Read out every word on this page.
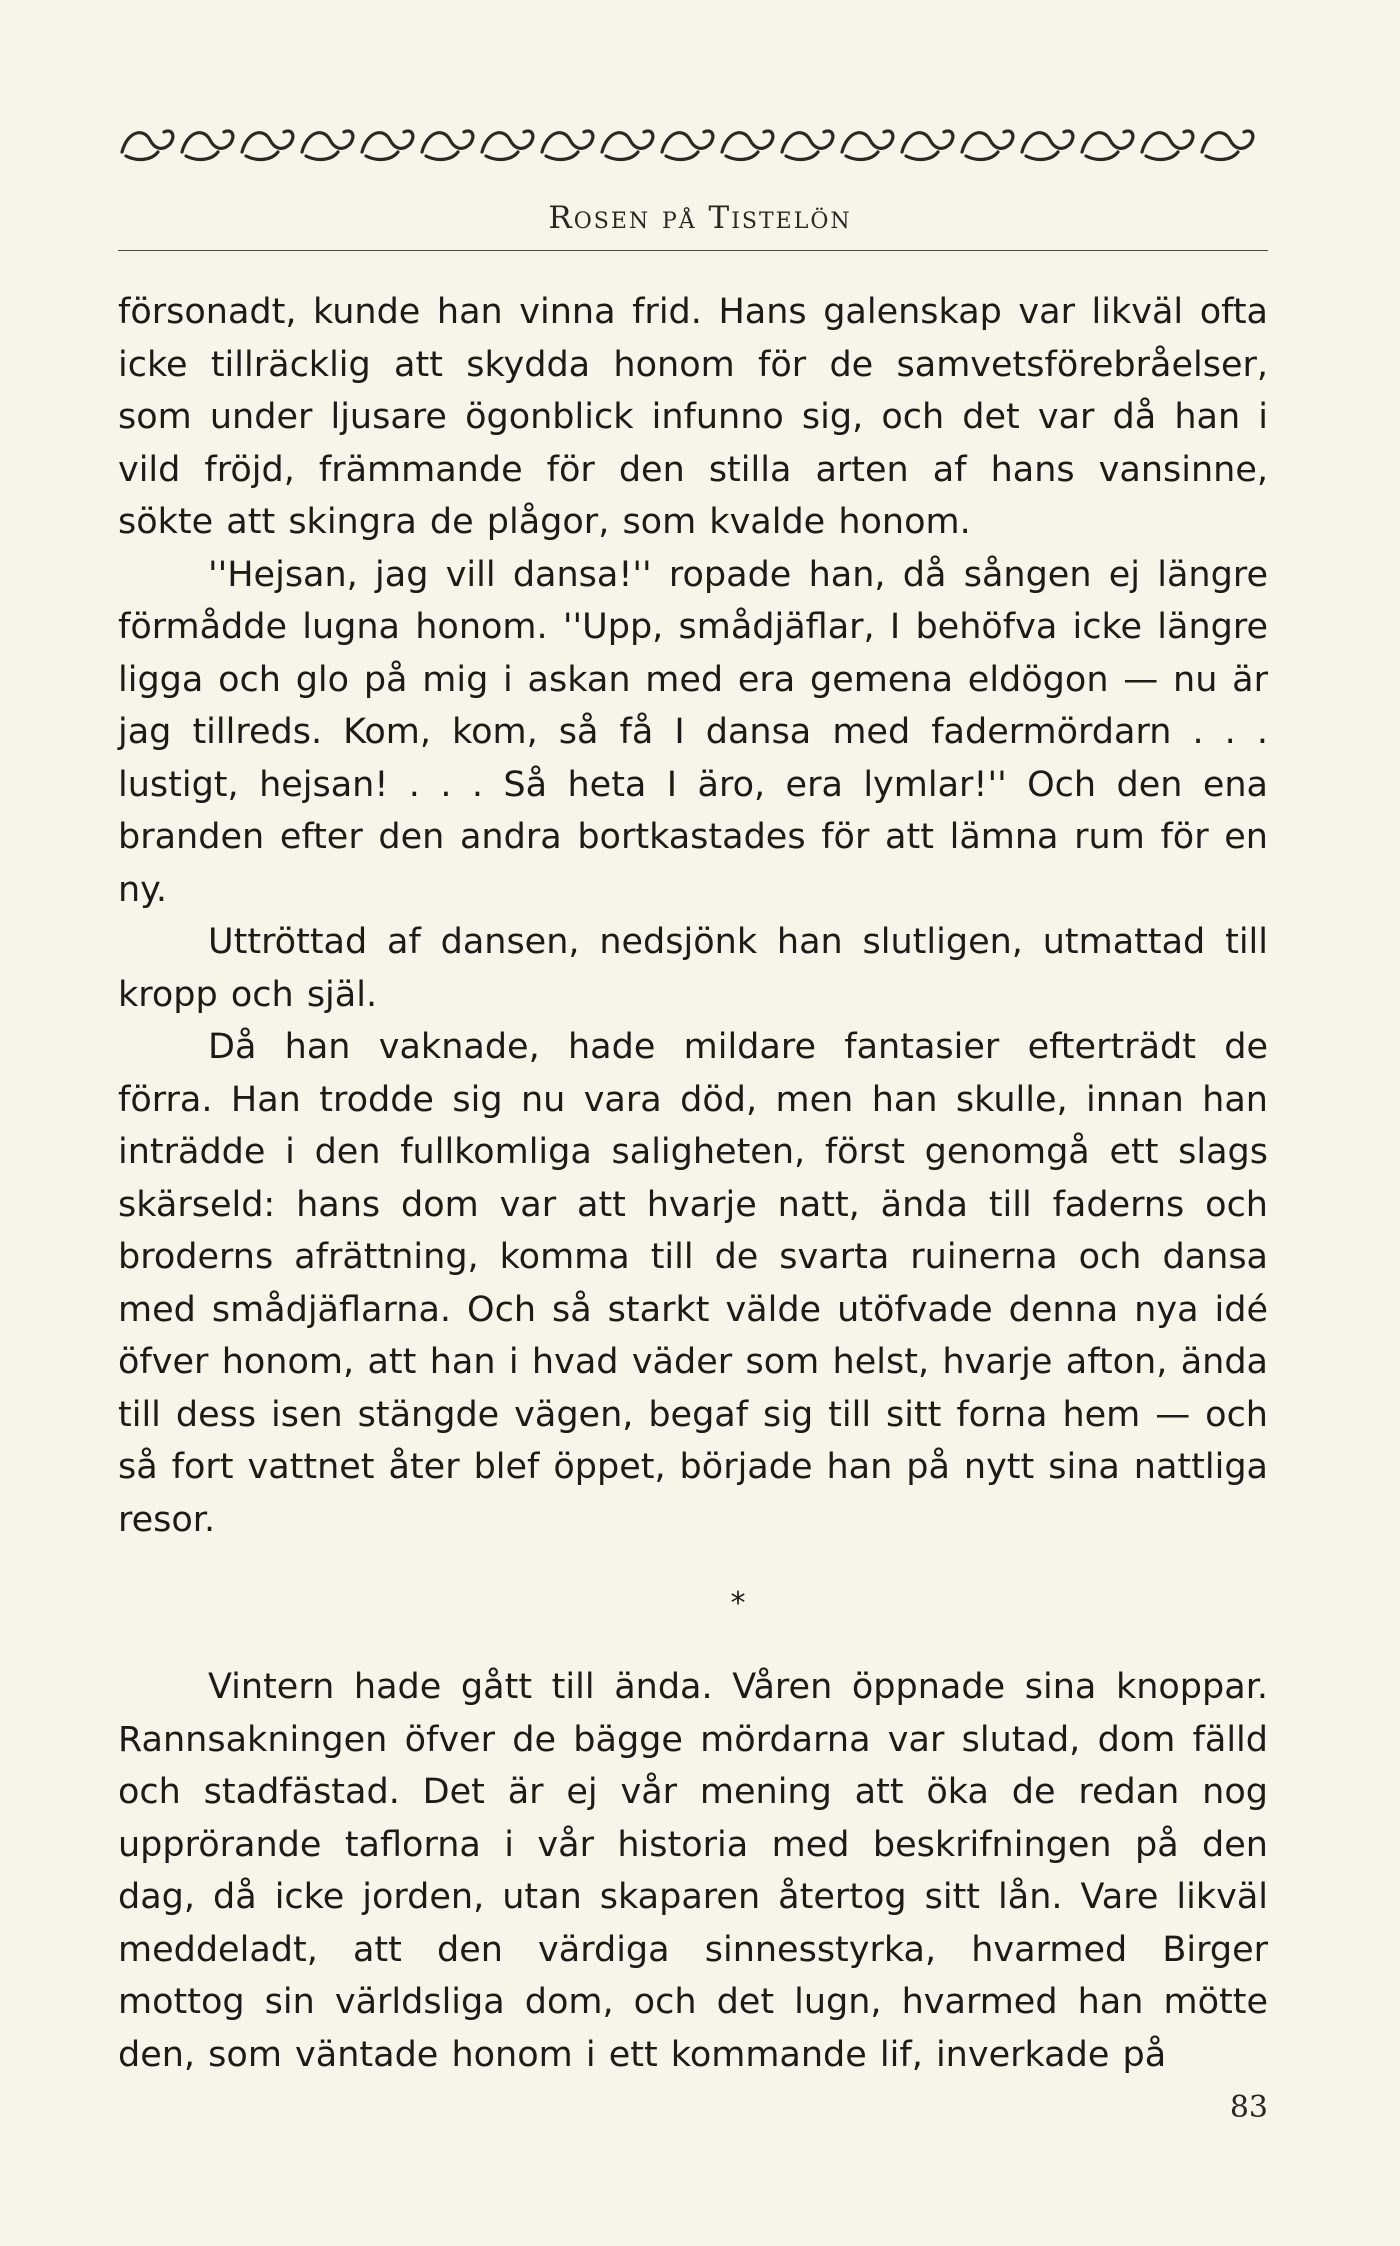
Rosen på Tistelön

försonadt, kunde han vinna frid. Hans galenskap var likväl ofta icke tillräcklig att skydda honom för de samvetsförebråelser, som under ljusare ögonblick infunno sig, och det var då han i vild fröjd, främmande för den stilla arten af hans vansinne, sökte att skingra de plågor, som kvalde honom.

''Hejsan, jag vill dansa!'' ropade han, då sången ej längre förmådde lugna honom. ''Upp, smådjäflar, I behöfva icke längre ligga och glo på mig i askan med era gemena eldögon — nu är jag tillreds. Kom, kom, så få I dansa med fadermördarn . . . lustigt, hejsan! . . . Så heta I äro, era lymlar!'' Och den ena branden efter den andra bortkastades för att lämna rum för en ny.

Uttröttad af dansen, nedsjönk han slutligen, utmattad till kropp och själ.

Då han vaknade, hade mildare fantasier efterträdt de förra. Han trodde sig nu vara död, men han skulle, innan han inträdde i den fullkomliga saligheten, först genomgå ett slags skärseld: hans dom var att hvarje natt, ända till faderns och broderns afrättning, komma till de svarta ruinerna och dansa med smådjäflarna. Och så starkt välde utöfvade denna nya idé öfver honom, att han i hvad väder som helst, hvarje afton, ända till dess isen stängde vägen, begaf sig till sitt forna hem — och så fort vattnet åter blef öppet, började han på nytt sina nattliga resor.

*

Vintern hade gått till ända. Våren öppnade sina knoppar. Rannsakningen öfver de bägge mördarna var slutad, dom fälld och stadfästad. Det är ej vår mening att öka de redan nog upprörande taflorna i vår historia med beskrifningen på den dag, då icke jorden, utan skaparen återtog sitt lån. Vare likväl meddeladt, att den värdiga sinnesstyrka, hvarmed Birger mottog sin världsliga dom, och det lugn, hvarmed han mötte den, som väntade honom i ett kommande lif, inverkade på

83
